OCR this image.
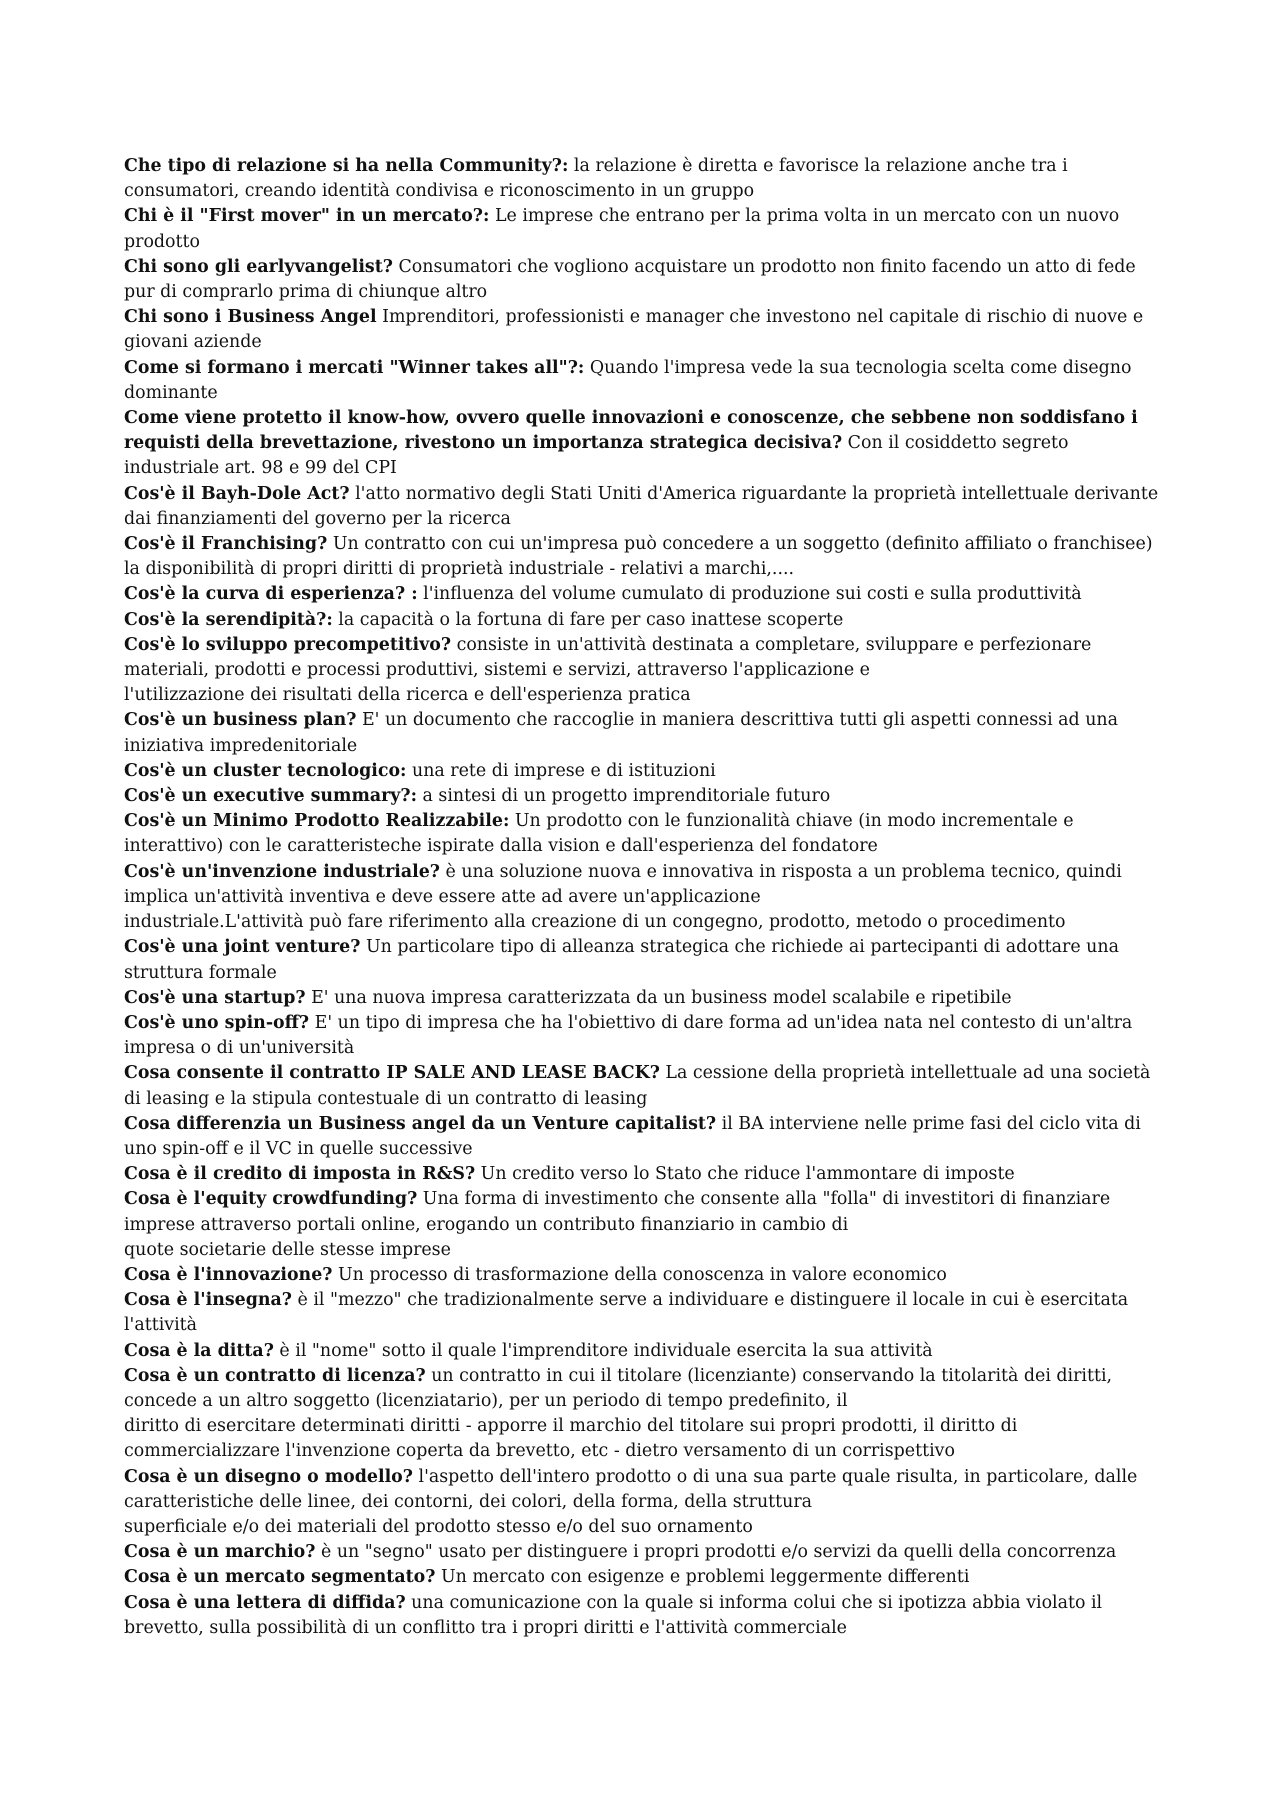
Che tipo di relazione si ha nella Community?: la relazione è diretta e favorisce la relazione anche tra i consumatori, creando identità condivisa e riconoscimento in un gruppo

Chi è il "First mover" in un mercato?: Le imprese che entrano per la prima volta in un mercato con un nuovo prodotto

Chi sono gli earlyvangelist? Consumatori che vogliono acquistare un prodotto non finito facendo un atto di fede pur di comprarlo prima di chiunque altro

Chi sono i Business Angel Imprenditori, professionisti e manager che investono nel capitale di rischio di nuove e giovani aziende

Come si formano i mercati "Winner takes all"?: Quando l'impresa vede la sua tecnologia scelta come disegno dominante

Come viene protetto il know-how, ovvero quelle innovazioni e conoscenze, che sebbene non soddisfano i requisti della brevettazione, rivestono un importanza strategica decisiva? Con il cosiddetto segreto industriale art. 98 e 99 del CPI

Cos'è il Bayh-Dole Act? l'atto normativo degli Stati Uniti d'America riguardante la proprietà intellettuale derivante dai finanziamenti del governo per la ricerca

Cos'è il Franchising? Un contratto con cui un'impresa può concedere a un soggetto (definito affiliato o franchisee) la disponibilità di propri diritti di proprietà industriale - relativi a marchi,....

Cos'è la curva di esperienza? : l'influenza del volume cumulato di produzione sui costi e sulla produttività

Cos'è la serendipità?: la capacità o la fortuna di fare per caso inattese scoperte

Cos'è lo sviluppo precompetitivo? consiste in un'attività destinata a completare, sviluppare e perfezionare materiali, prodotti e processi produttivi, sistemi e servizi, attraverso l'applicazione e
l'utilizzazione dei risultati della ricerca e dell'esperienza pratica

Cos'è un business plan? E' un documento che raccoglie in maniera descrittiva tutti gli aspetti connessi ad una iniziativa impredenitoriale

Cos'è un cluster tecnologico: una rete di imprese e di istituzioni

Cos'è un executive summary?: a sintesi di un progetto imprenditoriale futuro

Cos'è un Minimo Prodotto Realizzabile: Un prodotto con le funzionalità chiave (in modo incrementale e interattivo) con le caratteristeche ispirate dalla vision e dall'esperienza del fondatore

Cos'è un'invenzione industriale? è una soluzione nuova e innovativa in risposta a un problema tecnico, quindi implica un'attività inventiva e deve essere atte ad avere un'applicazione
industriale.L'attività può fare riferimento alla creazione di un congegno, prodotto, metodo o procedimento

Cos'è una joint venture? Un particolare tipo di alleanza strategica che richiede ai partecipanti di adottare una struttura formale

Cos'è una startup? E' una nuova impresa caratterizzata da un business model scalabile e ripetibile

Cos'è uno spin-off? E' un tipo di impresa che ha l'obiettivo di dare forma ad un'idea nata nel contesto di un'altra impresa o di un'università

Cosa consente il contratto IP SALE AND LEASE BACK? La cessione della proprietà intellettuale ad una società di leasing e la stipula contestuale di un contratto di leasing

Cosa differenzia un Business angel da un Venture capitalist? il BA interviene nelle prime fasi del ciclo vita di uno spin-off e il VC in quelle successive

Cosa è il credito di imposta in R&S? Un credito verso lo Stato che riduce l'ammontare di imposte

Cosa è l'equity crowdfunding? Una forma di investimento che consente alla "folla" di investitori di finanziare imprese attraverso portali online, erogando un contributo finanziario in cambio di
quote societarie delle stesse imprese

Cosa è l'innovazione? Un processo di trasformazione della conoscenza in valore economico

Cosa è l'insegna? è il "mezzo" che tradizionalmente serve a individuare e distinguere il locale in cui è esercitata l'attività

Cosa è la ditta? è il "nome" sotto il quale l'imprenditore individuale esercita la sua attività

Cosa è un contratto di licenza? un contratto in cui il titolare (licenziante) conservando la titolarità dei diritti, concede a un altro soggetto (licenziatario), per un periodo di tempo predefinito, il
diritto di esercitare determinati diritti - apporre il marchio del titolare sui propri prodotti, il diritto di commercializzare l'invenzione coperta da brevetto, etc - dietro versamento di un corrispettivo

Cosa è un disegno o modello? l'aspetto dell'intero prodotto o di una sua parte quale risulta, in particolare, dalle caratteristiche delle linee, dei contorni, dei colori, della forma, della struttura
superficiale e/o dei materiali del prodotto stesso e/o del suo ornamento

Cosa è un marchio? è un "segno" usato per distinguere i propri prodotti e/o servizi da quelli della concorrenza

Cosa è un mercato segmentato? Un mercato con esigenze e problemi leggermente differenti

Cosa è una lettera di diffida? una comunicazione con la quale si informa colui che si ipotizza abbia violato il brevetto, sulla possibilità di un conflitto tra i propri diritti e l'attività commerciale
